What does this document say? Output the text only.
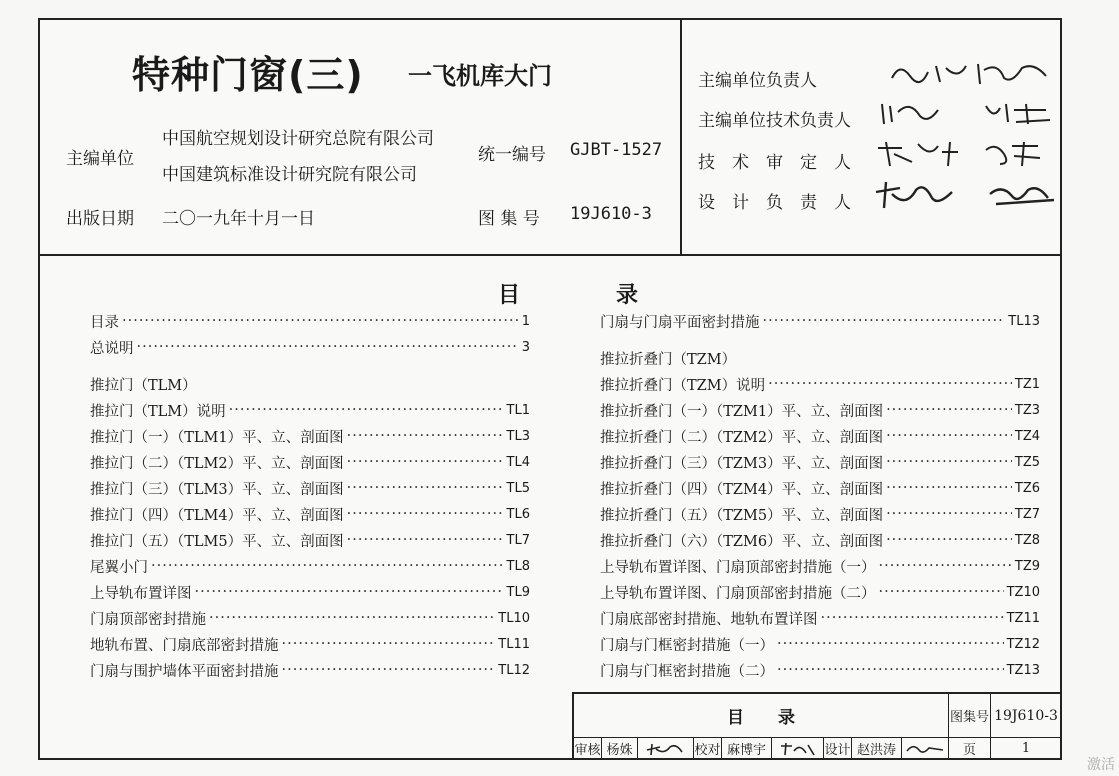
特种门窗(三) 一飞机库大门
主编单位
中国航空规划设计研究总院有限公司
中国建筑标准设计研究院有限公司
统一编号 GJBT-1527
出版日期 二〇一九年十月一日	图 集 号 19J610-3
主编单位负责人
主编单位技术负责人
技　术　审　定　人
设　计　负　责　人
目	录
目录 ·····	1
总说明 ·····	3
推拉门（TLM）
推拉门（TLM）说明 ·····	TL1
推拉门（一）（TLM1）平、立、剖面图 ·····	TL3
推拉门（二）（TLM2）平、立、剖面图 ·····	TL4
推拉门（三）（TLM3）平、立、剖面图 ·····	TL5
推拉门（四）（TLM4）平、立、剖面图 ·····	TL6
推拉门（五）（TLM5）平、立、剖面图 ·····	TL7
尾翼小门 ·····	TL8
上导轨布置详图 ·····	TL9
门扇顶部密封措施 ·····	TL10
地轨布置、门扇底部密封措施 ·····	TL11
门扇与围护墙体平面密封措施 ·····	TL12
门扇与门扇平面密封措施 ·····	TL13
推拉折叠门（TZM）
推拉折叠门（TZM）说明 ·····	TZ1
推拉折叠门（一）（TZM1）平、立、剖面图 ·····	TZ3
推拉折叠门（二）（TZM2）平、立、剖面图 ·····	TZ4
推拉折叠门（三）（TZM3）平、立、剖面图 ·····	TZ5
推拉折叠门（四）（TZM4）平、立、剖面图 ·····	TZ6
推拉折叠门（五）（TZM5）平、立、剖面图 ·····	TZ7
推拉折叠门（六）（TZM6）平、立、剖面图 ·····	TZ8
上导轨布置详图、门扇顶部密封措施（一） ·····	TZ9
上导轨布置详图、门扇顶部密封措施（二） ·····	TZ10
门扇底部密封措施、地轨布置详图 ·····	TZ11
门扇与门框密封措施（一） ·····	TZ12
门扇与门框密封措施（二） ·····	TZ13
目　　录	图集号 19J610-3
审核 杨姝	校对 麻博宇	设计 赵洪涛	页	1
激活
